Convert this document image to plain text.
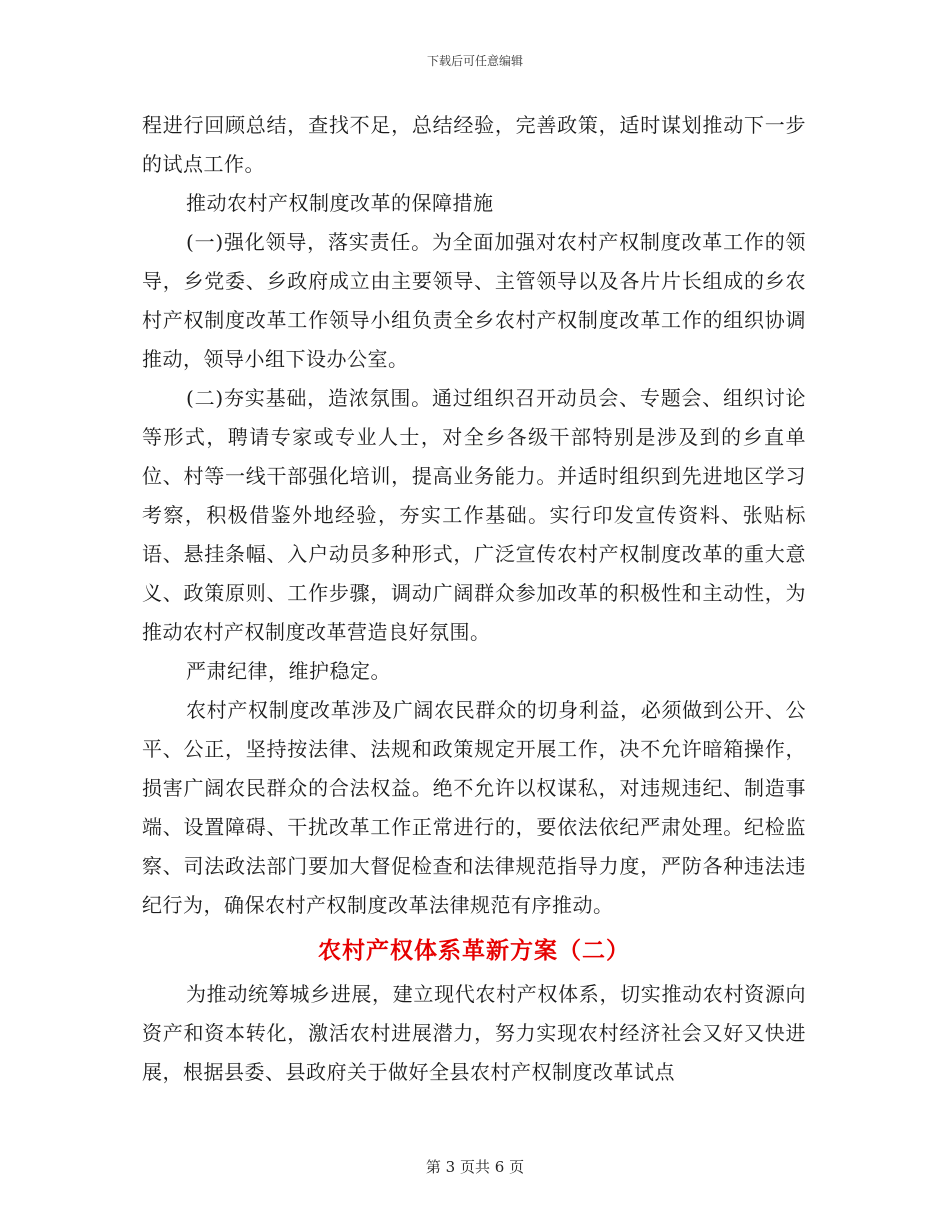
下载后可任意编辑

程进行回顾总结，查找不足，总结经验，完善政策，适时谋划推动下一步的试点工作。

推动农村产权制度改革的保障措施

(一)强化领导，落实责任。为全面加强对农村产权制度改革工作的领导，乡党委、乡政府成立由主要领导、主管领导以及各片片长组成的乡农村产权制度改革工作领导小组负责全乡农村产权制度改革工作的组织协调推动，领导小组下设办公室。

(二)夯实基础，造浓氛围。通过组织召开动员会、专题会、组织讨论等形式，聘请专家或专业人士，对全乡各级干部特别是涉及到的乡直单位、村等一线干部强化培训，提高业务能力。并适时组织到先进地区学习考察，积极借鉴外地经验，夯实工作基础。实行印发宣传资料、张贴标语、悬挂条幅、入户动员多种形式，广泛宣传农村产权制度改革的重大意义、政策原则、工作步骤，调动广阔群众参加改革的积极性和主动性，为推动农村产权制度改革营造良好氛围。

严肃纪律，维护稳定。

农村产权制度改革涉及广阔农民群众的切身利益，必须做到公开、公平、公正，坚持按法律、法规和政策规定开展工作，决不允许暗箱操作，损害广阔农民群众的合法权益。绝不允许以权谋私，对违规违纪、制造事端、设置障碍、干扰改革工作正常进行的，要依法依纪严肃处理。纪检监察、司法政法部门要加大督促检查和法律规范指导力度，严防各种违法违纪行为，确保农村产权制度改革法律规范有序推动。

农村产权体系革新方案（二）

为推动统筹城乡进展，建立现代农村产权体系，切实推动农村资源向资产和资本转化，激活农村进展潜力，努力实现农村经济社会又好又快进展，根据县委、县政府关于做好全县农村产权制度改革试点

第 3 页共 6 页
